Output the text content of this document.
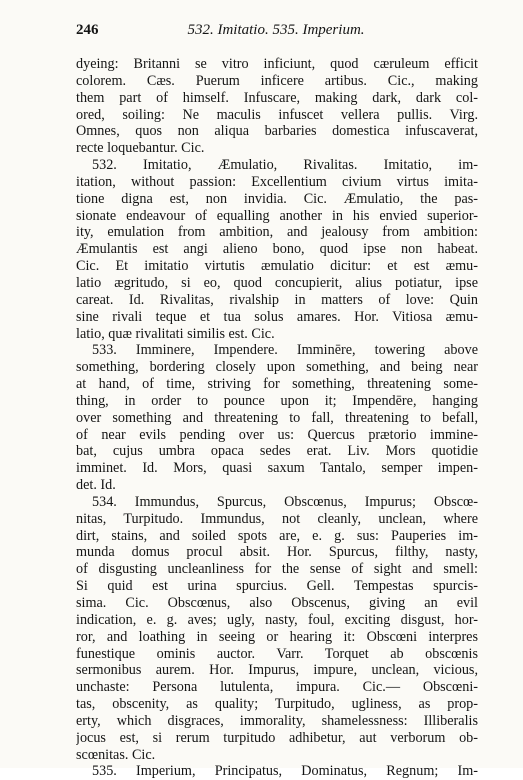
246	532. Imitatio. 535. Imperium.
dyeing: Britanni se vitro inficiunt, quod cæruleum efficit
colorem. Cæs. Puerum inficere artibus. Cic., making
them part of himself. Infuscare, making dark, dark col-
ored, soiling: Ne maculis infuscet vellera pullis. Virg.
Omnes, quos non aliqua barbaries domestica infuscaverat,
recte loquebantur. Cic.
532. Imitatio, Æmulatio, Rivalitas. Imitatio, im-
itation, without passion: Excellentium civium virtus imita-
tione digna est, non invidia. Cic. Æmulatio, the pas-
sionate endeavour of equalling another in his envied superior-
ity, emulation from ambition, and jealousy from ambition:
Æmulantis est angi alieno bono, quod ipse non habeat.
Cic. Et imitatio virtutis æmulatio dicitur: et est æmu-
latio ægritudo, si eo, quod concupierit, alius potiatur, ipse
careat. Id. Rivalitas, rivalship in matters of love: Quin
sine rivali teque et tua solus amares. Hor. Vitiosa æmu-
latio, quæ rivalitati similis est. Cic.
533. Imminere, Impendere. Imminēre, towering above
something, bordering closely upon something, and being near
at hand, of time, striving for something, threatening some-
thing, in order to pounce upon it; Impendēre, hanging
over something and threatening to fall, threatening to befall,
of near evils pending over us: Quercus prætorio immine-
bat, cujus umbra opaca sedes erat. Liv. Mors quotidie
imminet. Id. Mors, quasi saxum Tantalo, semper impen-
det. Id.
534. Immundus, Spurcus, Obscœnus, Impurus; Obscœ-
nitas, Turpitudo. Immundus, not cleanly, unclean, where
dirt, stains, and soiled spots are, e. g. sus: Pauperies im-
munda domus procul absit. Hor. Spurcus, filthy, nasty,
of disgusting uncleanliness for the sense of sight and smell:
Si quid est urina spurcius. Gell. Tempestas spurcis-
sima. Cic. Obscœnus, also Obscenus, giving an evil
indication, e. g. aves; ugly, nasty, foul, exciting disgust, hor-
ror, and loathing in seeing or hearing it: Obscœni interpres
funestique ominis auctor. Varr. Torquet ab obscœnis
sermonibus aurem. Hor. Impurus, impure, unclean, vicious,
unchaste: Persona lutulenta, impura. Cic.— Obscœni-
tas, obscenity, as quality; Turpitudo, ugliness, as prop-
erty, which disgraces, immorality, shamelessness: Illiberalis
jocus est, si rerum turpitudo adhibetur, aut verborum ob-
scœnitas. Cic.
535. Imperium, Principatus, Dominatus, Regnum; Im-
